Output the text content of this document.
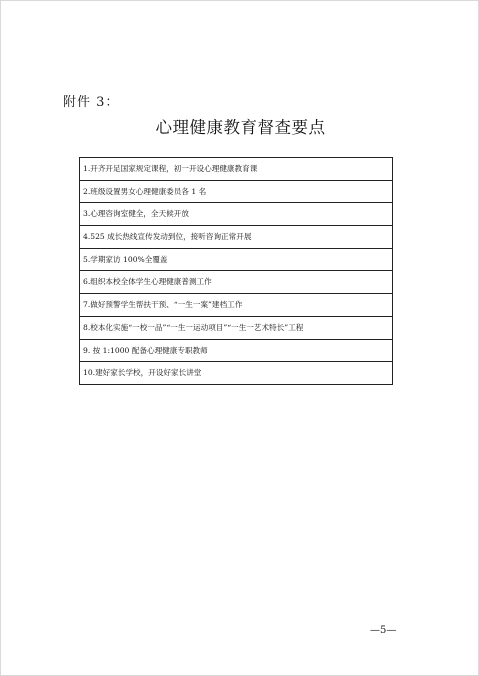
附件 3：
心理健康教育督查要点
1.开齐开足国家规定课程，初一开设心理健康教育课
2.班级设置男女心理健康委员各 1 名
3.心理咨询室健全，全天候开放
4.525 成长热线宣传发动到位，接听咨询正常开展
5.学期家访 100%全覆盖
6.组织本校全体学生心理健康普测工作
7.做好预警学生帮扶干预、“一生一案”建档工作
8.校本化实施“一校一品”“一生一运动项目”“一生一艺术特长”工程
9. 按 1:1000 配备心理健康专职教师
10.建好家长学校，开设好家长讲堂
—5—
